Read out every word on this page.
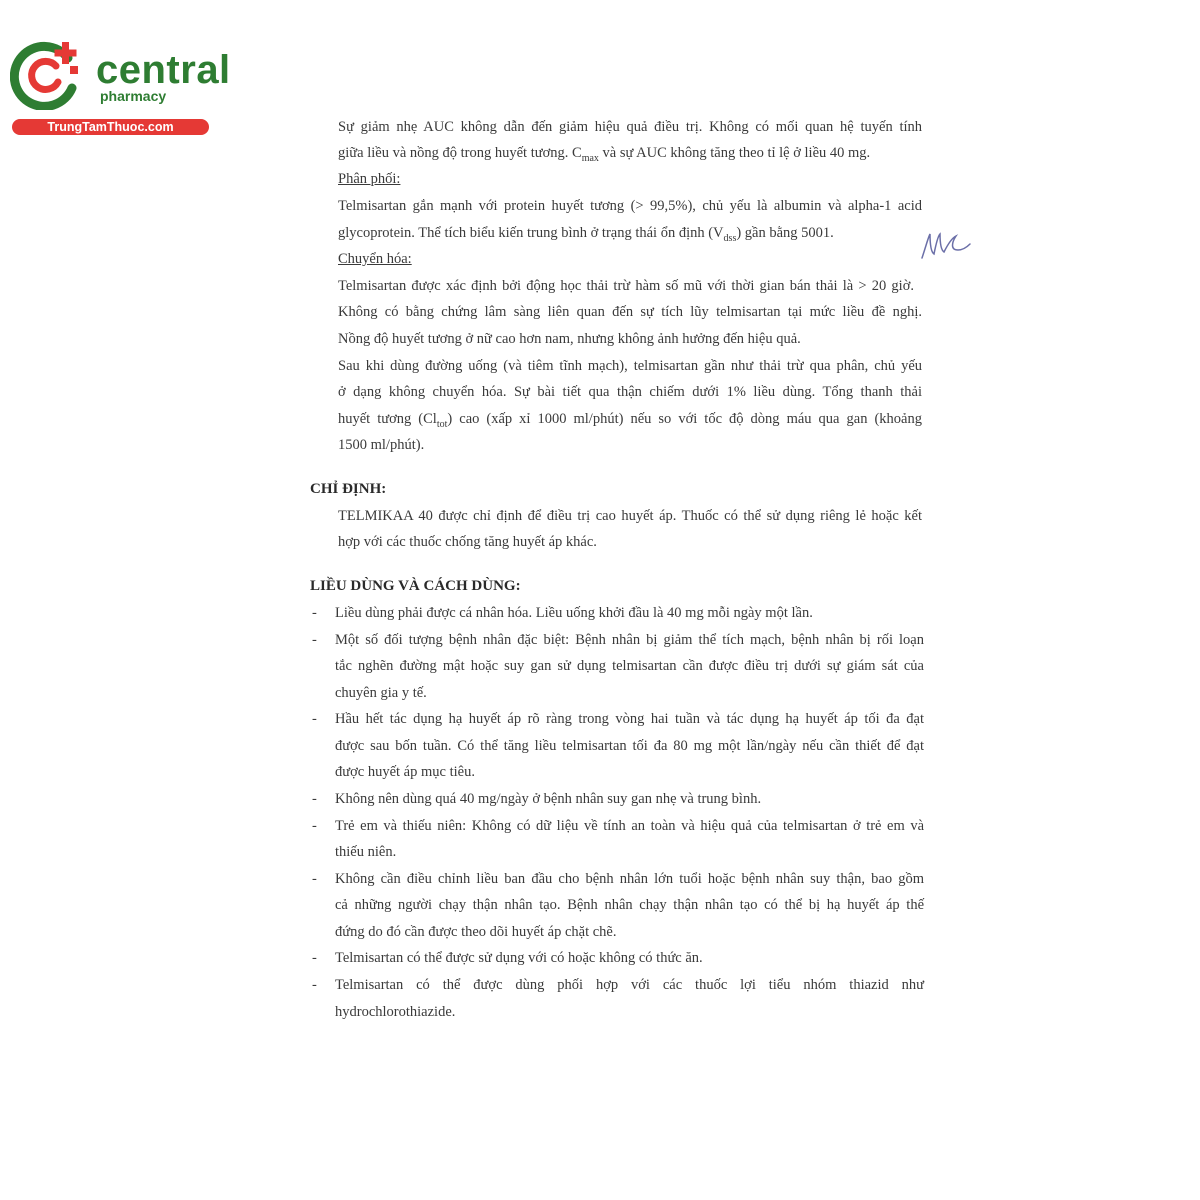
central
pharmacy
TrungTamThuoc.com	Sự giảm nhẹ AUC không dẫn đến giảm hiệu quả điều trị. Không có mối quan hệ tuyến tính
giữa liều và nồng độ trong huyết tương. $C_{max}$ và sự AUC không tăng theo tỉ lệ ở liều 40 mg.
Phân phối:
Telmisartan gắn mạnh với protein huyết tương (> 99,5%), chủ yếu là albumin và alpha-1 acid
glycoprotein. Thể tích biểu kiến trung bình ở trạng thái ổn định $(V_{dss})$ gần bằng 5001.
Chuyển hóa:
Telmisartan được xác định bởi động học thải trừ hàm số mũ với thời gian bán thải là > 20 giờ.
Không có bằng chứng lâm sàng liên quan đến sự tích lũy telmisartan tại mức liều đề nghị.
Nồng độ huyết tương ở nữ cao hơn nam, nhưng không ảnh hưởng đến hiệu quả.
Sau khi dùng đường uống (và tiêm tĩnh mạch), telmisartan gần như thải trừ qua phân, chủ yếu
ở dạng không chuyển hóa. Sự bài tiết qua thận chiếm dưới 1% liều dùng. Tổng thanh thải
huyết tương $(Cl_{tot})$ cao (xấp xỉ 1000 ml/phút) nếu so với tốc độ dòng máu qua gan (khoảng
1500 ml/phút).
CHỈ ĐỊNH:
TELMIKAA 40 được chỉ định để điều trị cao huyết áp. Thuốc có thể sử dụng riêng lẻ hoặc kết
hợp với các thuốc chống tăng huyết áp khác.
LIỀU DÙNG VÀ CÁCH DÙNG:
- Liều dùng phải được cá nhân hóa. Liều uống khởi đầu là 40 mg mỗi ngày một lần.
- Một số đối tượng bệnh nhân đặc biệt: Bệnh nhân bị giảm thể tích mạch, bệnh nhân bị rối loạn
tắc nghẽn đường mật hoặc suy gan sử dụng telmisartan cần được điều trị dưới sự giám sát của
chuyên gia y tế.
- Hầu hết tác dụng hạ huyết áp rõ ràng trong vòng hai tuần và tác dụng hạ huyết áp tối đa đạt
được sau bốn tuần. Có thể tăng liều telmisartan tối đa 80 mg một lần/ngày nếu cần thiết để đạt
được huyết áp mục tiêu.
- Không nên dùng quá 40 mg/ngày ở bệnh nhân suy gan nhẹ và trung bình.
- Trẻ em và thiếu niên: Không có dữ liệu về tính an toàn và hiệu quả của telmisartan ở trẻ em và
thiếu niên.
- Không cần điều chỉnh liều ban đầu cho bệnh nhân lớn tuổi hoặc bệnh nhân suy thận, bao gồm
cả những người chạy thận nhân tạo. Bệnh nhân chạy thận nhân tạo có thể bị hạ huyết áp thế
đứng do đó cần được theo dõi huyết áp chặt chẽ.
- Telmisartan có thể được sử dụng với có hoặc không có thức ăn.
- Telmisartan có thể được dùng phối hợp với các thuốc lợi tiểu nhóm thiazid như
hydrochlorothiazide.
